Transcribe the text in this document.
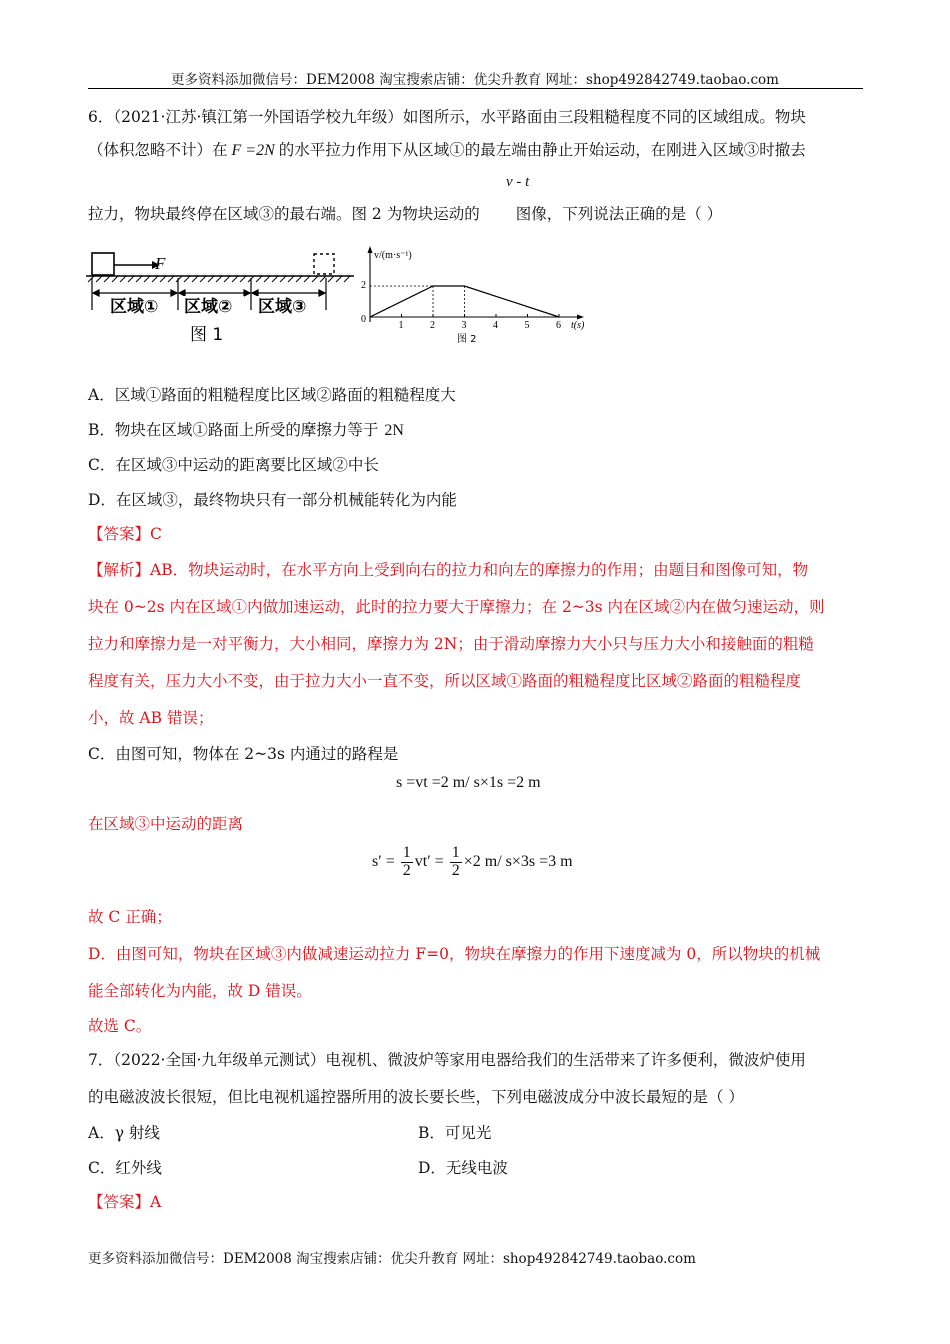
更多资料添加微信号：DEM2008 淘宝搜索店铺：优尖升教育 网址：shop492842749.taobao.com
6．（2021·江苏·镇江第一外国语学校九年级）如图所示，水平路面由三段粗糙程度不同的区域组成。物块
（体积忽略不计）在 F =2N 的水平拉力作用下从区域①的最左端由静止开始运动，在刚进入区域③时撤去
v - t
拉力，物块最终停在区域③的最右端。图 2 为物块运动的 图像，下列说法正确的是（ ）
F
区域① 区域② 区域③
图 1
v/(m·s⁻¹)
t(s)
0
2
1	2	3	4	5	6
图 2
A．区域①路面的粗糙程度比区域②路面的粗糙程度大
B．物块在区域①路面上所受的摩擦力等于 2N
C．在区域③中运动的距离要比区域②中长
D．在区域③，最终物块只有一部分机械能转化为内能
【答案】C
【解析】AB．物块运动时，在水平方向上受到向右的拉力和向左的摩擦力的作用；由题目和图像可知，物
块在 0~2s 内在区域①内做加速运动，此时的拉力要大于摩擦力；在 2~3s 内在区域②内在做匀速运动，则
拉力和摩擦力是一对平衡力，大小相同，摩擦力为 2N；由于滑动摩擦力大小只与压力大小和接触面的粗糙
程度有关，压力大小不变，由于拉力大小一直不变，所以区域①路面的粗糙程度比区域②路面的粗糙程度
小，故 AB 错误；
C．由图可知，物体在 2~3s 内通过的路程是
s =vt =2 m/ s×1s =2 m
在区域③中运动的距离
$s' = \frac{1}{2} vt' = \frac{1}{2} \times 2$ m/ s×3s =3 m
故 C 正确；
D．由图可知，物块在区域③内做减速运动拉力 F=0，物块在摩擦力的作用下速度减为 0，所以物块的机械
能全部转化为内能，故 D 错误。
故选 C。
7．（2022·全国·九年级单元测试）电视机、微波炉等家用电器给我们的生活带来了许多便利，微波炉使用
的电磁波波长很短，但比电视机遥控器所用的波长要长些，下列电磁波成分中波长最短的是（ ）
A．γ 射线	B．可见光
C．红外线	D．无线电波
【答案】A
更多资料添加微信号：DEM2008 淘宝搜索店铺：优尖升教育 网址：shop492842749.taobao.com
